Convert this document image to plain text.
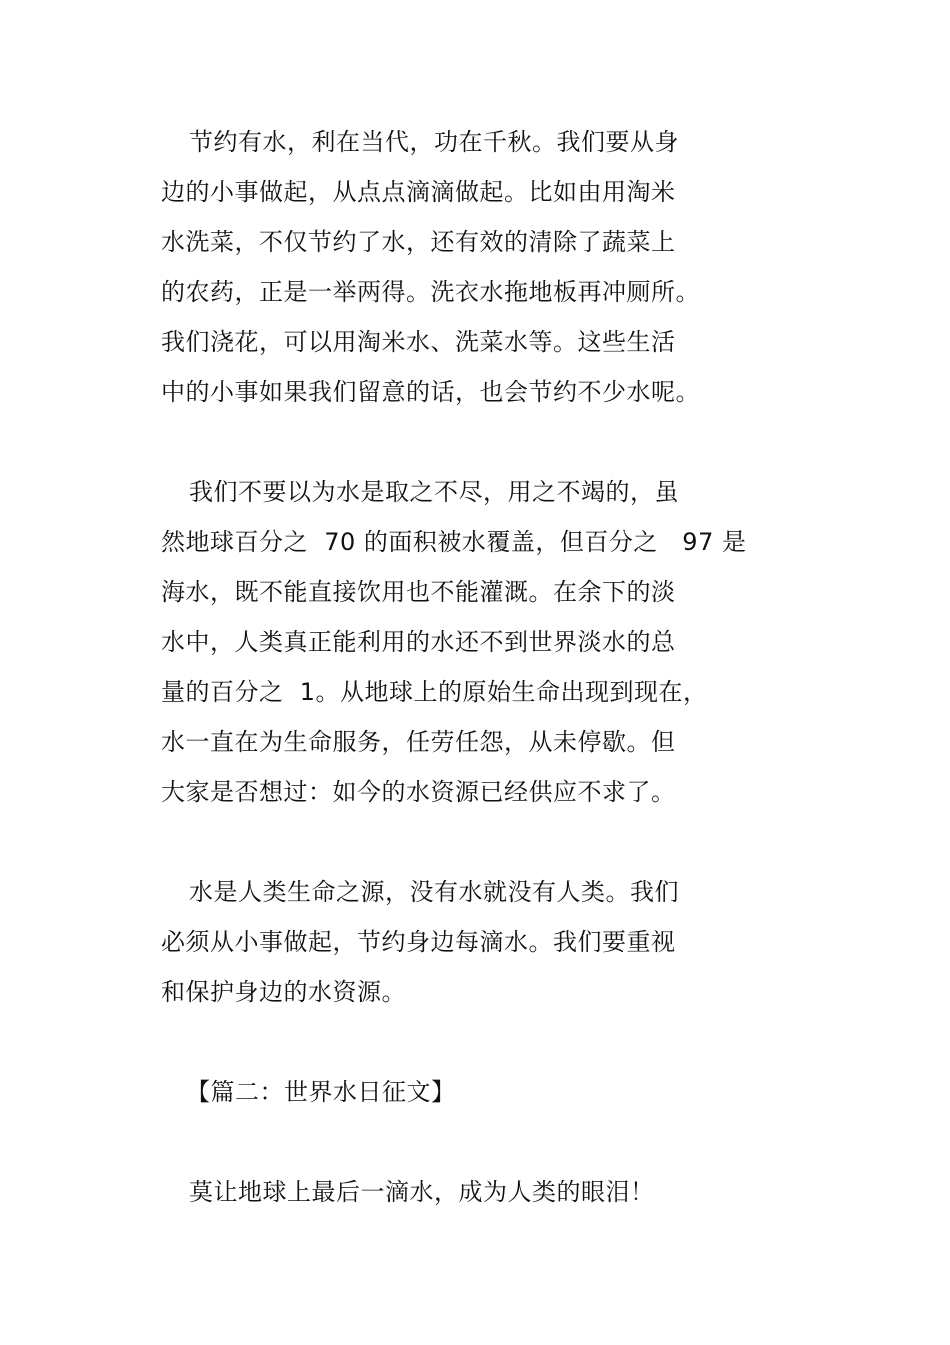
节约有水，利在当代，功在千秋。我们要从身
边的小事做起，从点点滴滴做起。比如由用淘米
水洗菜，不仅节约了水，还有效的清除了蔬菜上
的农药，正是一举两得。洗衣水拖地板再冲厕所。
我们浇花，可以用淘米水、洗菜水等。这些生活
中的小事如果我们留意的话，也会节约不少水呢。
我们不要以为水是取之不尽，用之不竭的，虽
然地球百分之  70 的面积被水覆盖，但百分之   97 是
海水，既不能直接饮用也不能灌溉。在余下的淡
水中，人类真正能利用的水还不到世界淡水的总
量的百分之  1。从地球上的原始生命出现到现在，
水一直在为生命服务，任劳任怨，从未停歇。但
大家是否想过：如今的水资源已经供应不求了。
水是人类生命之源，没有水就没有人类。我们
必须从小事做起，节约身边每滴水。我们要重视
和保护身边的水资源。
【篇二：世界水日征文】
莫让地球上最后一滴水，成为人类的眼泪！
